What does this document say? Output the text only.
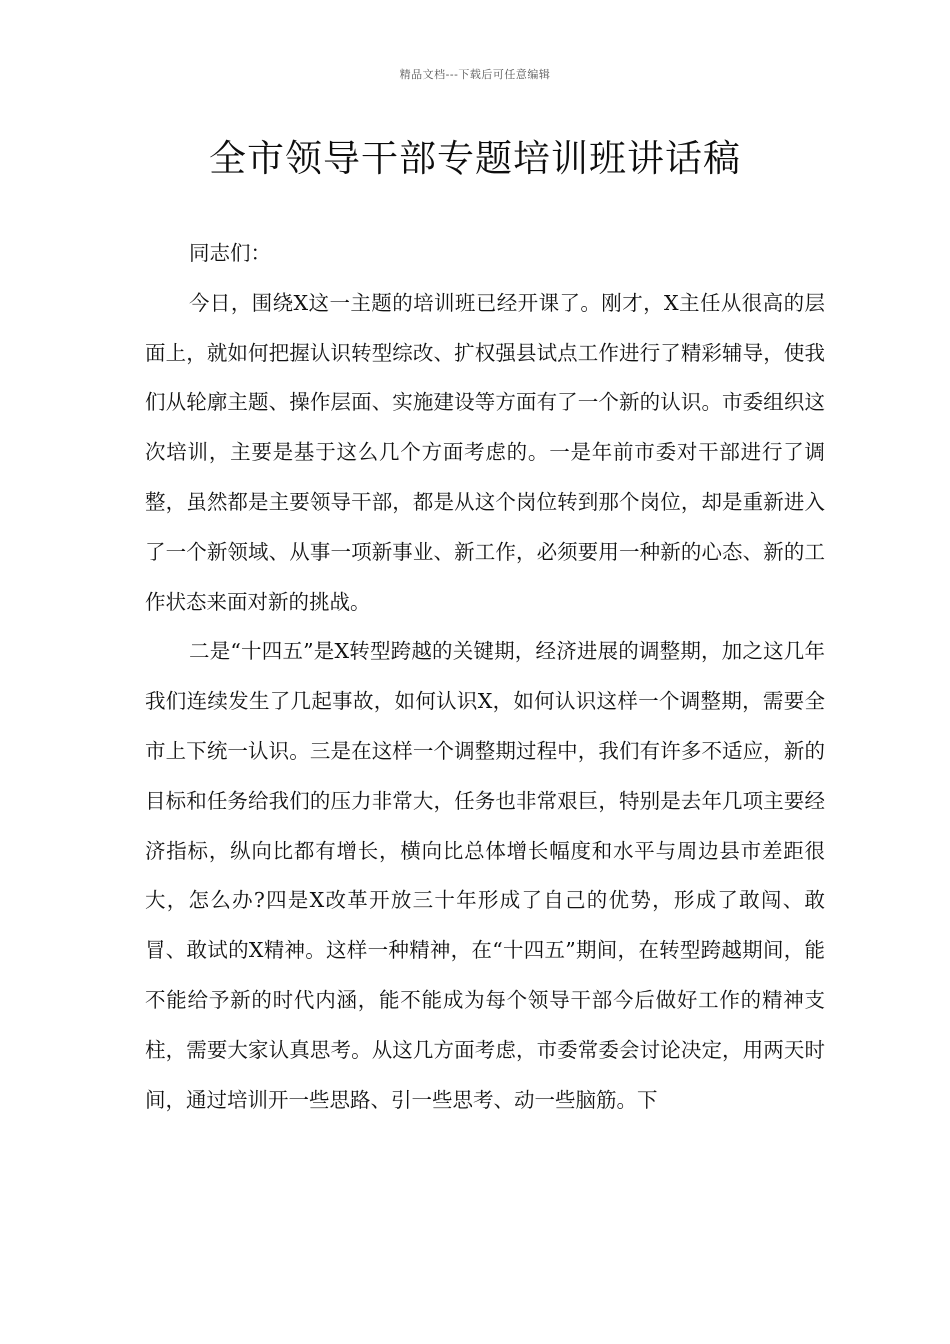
精品文档---下载后可任意编辑
全市领导干部专题培训班讲话稿

同志们：

今日，围绕X这一主题的培训班已经开课了。刚才，X主任从很高的层面上，就如何把握认识转型综改、扩权强县试点工作进行了精彩辅导，使我们从轮廓主题、操作层面、实施建设等方面有了一个新的认识。市委组织这次培训，主要是基于这么几个方面考虑的。一是年前市委对干部进行了调整，虽然都是主要领导干部，都是从这个岗位转到那个岗位，却是重新进入了一个新领域、从事一项新事业、新工作，必须要用一种新的心态、新的工作状态来面对新的挑战。

二是“十四五”是X转型跨越的关键期，经济进展的调整期，加之这几年我们连续发生了几起事故，如何认识X，如何认识这样一个调整期，需要全市上下统一认识。三是在这样一个调整期过程中，我们有许多不适应，新的目标和任务给我们的压力非常大，任务也非常艰巨，特别是去年几项主要经济指标，纵向比都有增长，横向比总体增长幅度和水平与周边县市差距很大，怎么办?四是X改革开放三十年形成了自己的优势，形成了敢闯、敢冒、敢试的X精神。这样一种精神，在“十四五”期间，在转型跨越期间，能不能给予新的时代内涵，能不能成为每个领导干部今后做好工作的精神支柱，需要大家认真思考。从这几方面考虑，市委常委会讨论决定，用两天时间，通过培训开一些思路、引一些思考、动一些脑筋。下
